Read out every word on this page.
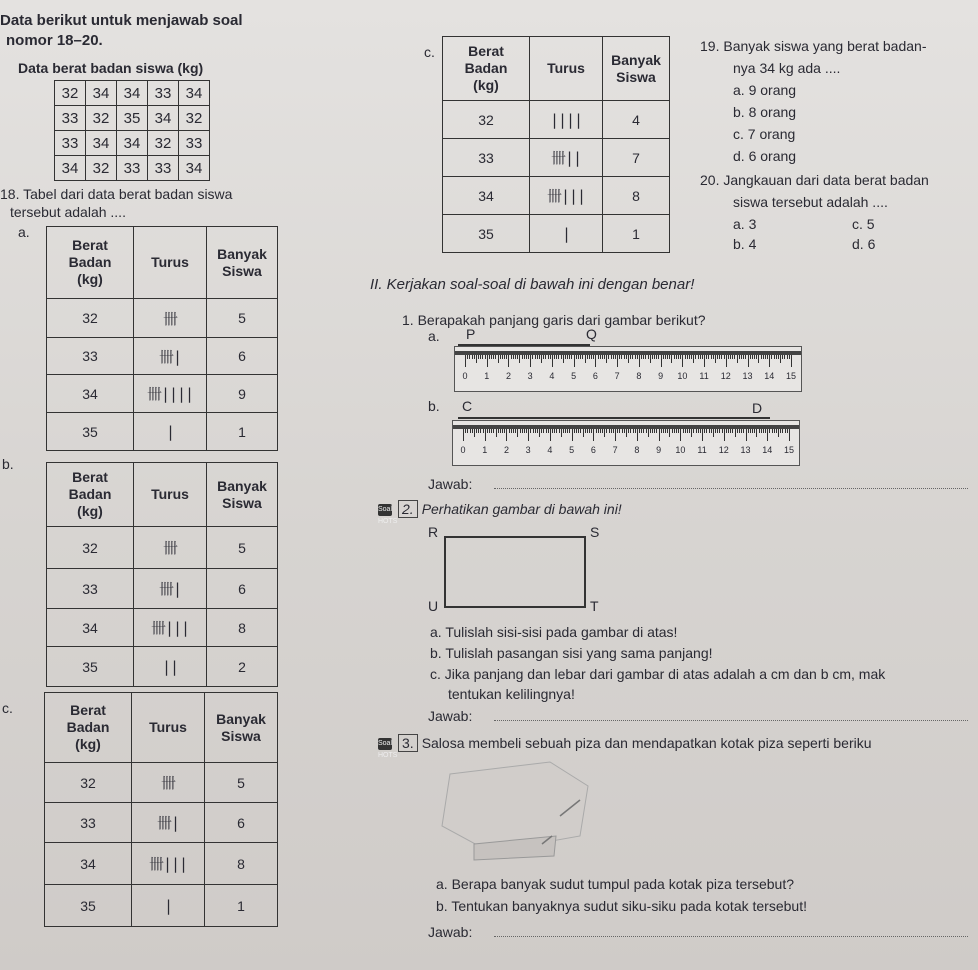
Data berikut untuk menjawab soal
nomor 18–20.
Data berat badan siswa (kg)
32	34	34	33	34
33	32	35	34	32
33	34	34	32	33
34	32	33	33	34
18. Tabel dari data berat badan siswa
tersebut adalah ....
a.
Berat
Badan
(kg)	Turus	Banyak
Siswa
32	卌	5
33	卌|	6
34	卌||||	9
35	|	1
b.
Berat
Badan
(kg)	Turus	Banyak
Siswa
32	卌	5
33	卌|	6
34	卌|||	8
35	||	2
c.	Berat
Badan
(kg)	Turus	Banyak
Siswa
32	卌	5
33	卌|	6
34	卌|||	8
35	|	1
c. Berat
Badan
(kg)	Turus	Banyak
Siswa
32	||||	4
33	卌||	7
34	卌|||	8
35	|	1
19. Banyak siswa yang berat badan-
nya 34 kg ada ....
a. 9 orang
b. 8 orang
c. 7 orang
d. 6 orang
20. Jangkauan dari data berat badan
siswa tersebut adalah ....
a. 3	c. 5
b. 4	d. 6
II. Kerjakan soal-soal di bawah ini dengan benar!
1. Berapakah panjang garis dari gambar berikut?
a. P	Q
0 1 2 3 4 5 6 7 8 9 10 11 12 13 14 15
b. C	D
0 1 2 3 4 5 6 7 8 9 10 11 12 13 14 15
Jawab:
Soal HOTS
2. Perhatikan gambar di bawah ini!
R	S
U	T
a. Tulislah sisi-sisi pada gambar di atas!
b. Tulislah pasangan sisi yang sama panjang!
c. Jika panjang dan lebar dari gambar di atas adalah a cm dan b cm, mak
tentukan kelilingnya!
Jawab:
Soal HOTS
3. Salosa membeli sebuah piza dan mendapatkan kotak piza seperti beriku
a. Berapa banyak sudut tumpul pada kotak piza tersebut?
b. Tentukan banyaknya sudut siku-siku pada kotak tersebut!
Jawab:
